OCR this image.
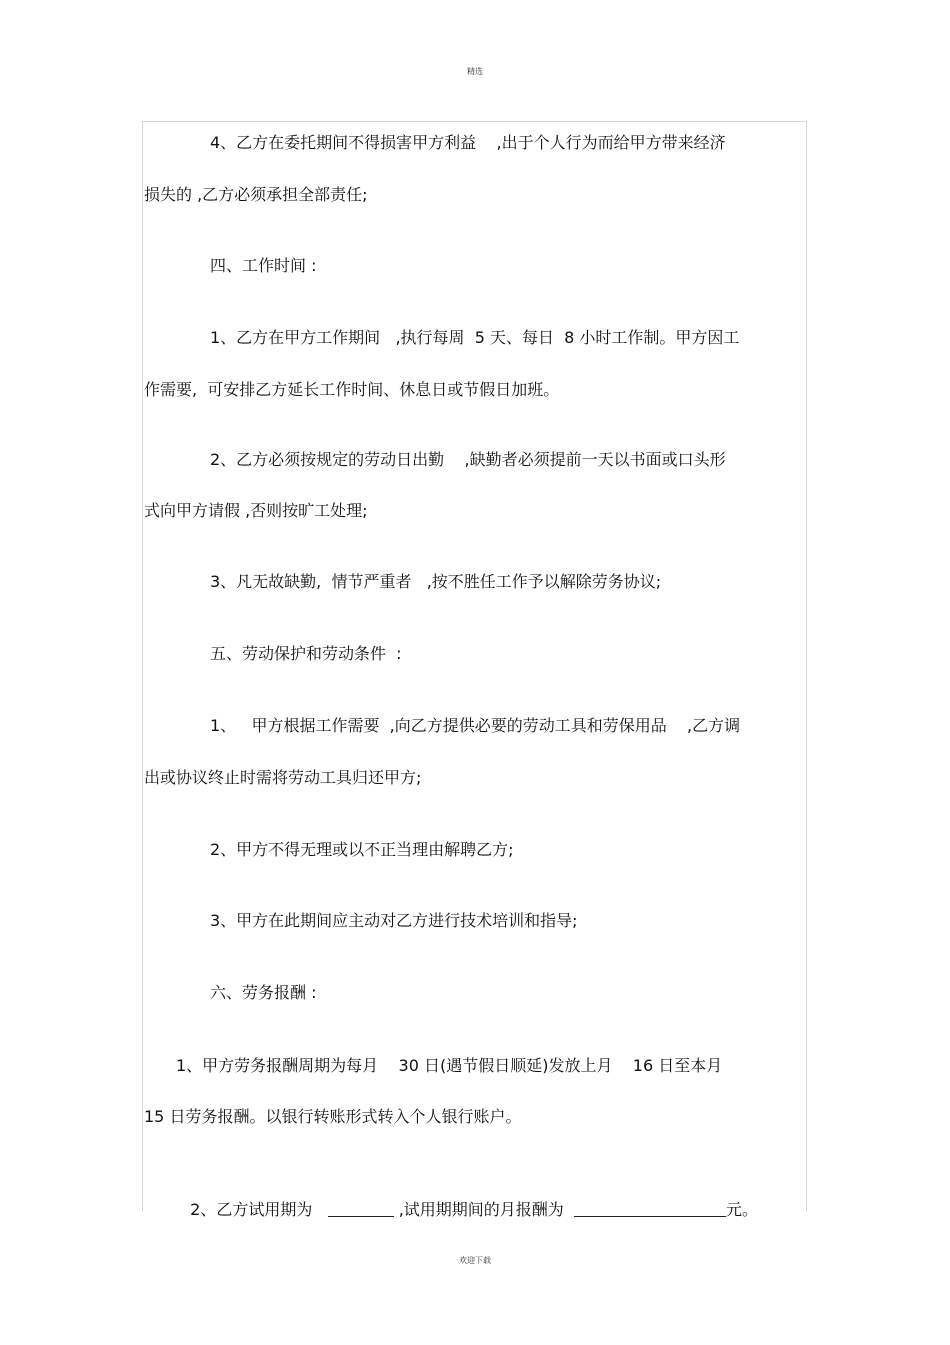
精选
4、乙方在委托期间不得损害甲方利益    ,出于个人行为而给甲方带来经济
损失的 ,乙方必须承担全部责任;
四、工作时间 :
1、乙方在甲方工作期间   ,执行每周  5 天、每日  8 小时工作制。甲方因工
作需要,  可安排乙方延长工作时间、休息日或节假日加班。
2、乙方必须按规定的劳动日出勤    ,缺勤者必须提前一天以书面或口头形
式向甲方请假 ,否则按旷工处理;
3、凡无故缺勤,  情节严重者   ,按不胜任工作予以解除劳务协议;
五、劳动保护和劳动条件  :
1、   甲方根据工作需要  ,向乙方提供必要的劳动工具和劳保用品    ,乙方调
出或协议终止时需将劳动工具归还甲方;
2、甲方不得无理或以不正当理由解聘乙方;
3、甲方在此期间应主动对乙方进行技术培训和指导;
六、劳务报酬 :
1、甲方劳务报酬周期为每月    30 日(遇节假日顺延)发放上月    16 日至本月
15 日劳务报酬。以银行转账形式转入个人银行账户。

2、乙方试用期为	,试用期期间的月报酬为	元。

欢迎下载
